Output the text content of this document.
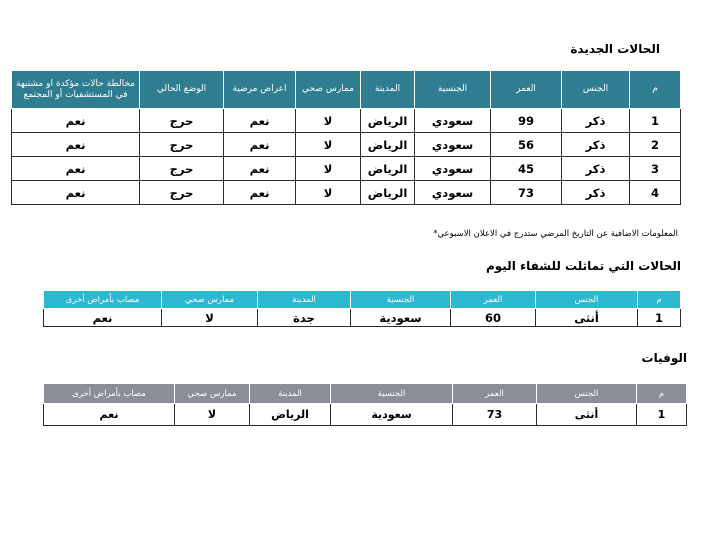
الحالات الجديدة
م	الجنس	العمر	الجنسية	المدينة	ممارس صحي	اعراض مرضية	الوضع الحالي	مخالطة حالات مؤكدة او مشتبهة في المستشفيات أو المجتمع
1	ذكر	99	سعودي	الرياض	لا	نعم	حرج	نعم
2	ذكر	56	سعودي	الرياض	لا	نعم	حرج	نعم
3	ذكر	45	سعودي	الرياض	لا	نعم	حرج	نعم
4	ذكر	73	سعودي	الرياض	لا	نعم	حرج	نعم
المعلومات الاضافية عن التاريخ المرضي ستدرج في الاعلان الاسبوعي*
الحالات التي تماثلت للشفاء اليوم
م	الجنس	العمر	الجنسية	المدينة	ممارس صحي	مصاب بأمراض أخرى
1	أنثى	60	سعودية	جدة	لا	نعم
الوفيات
م	الجنس	العمر	الجنسية	المدينة	ممارس صحي	مصاب بأمراض أخرى
1	أنثى	73	سعودية	الرياض	لا	نعم
